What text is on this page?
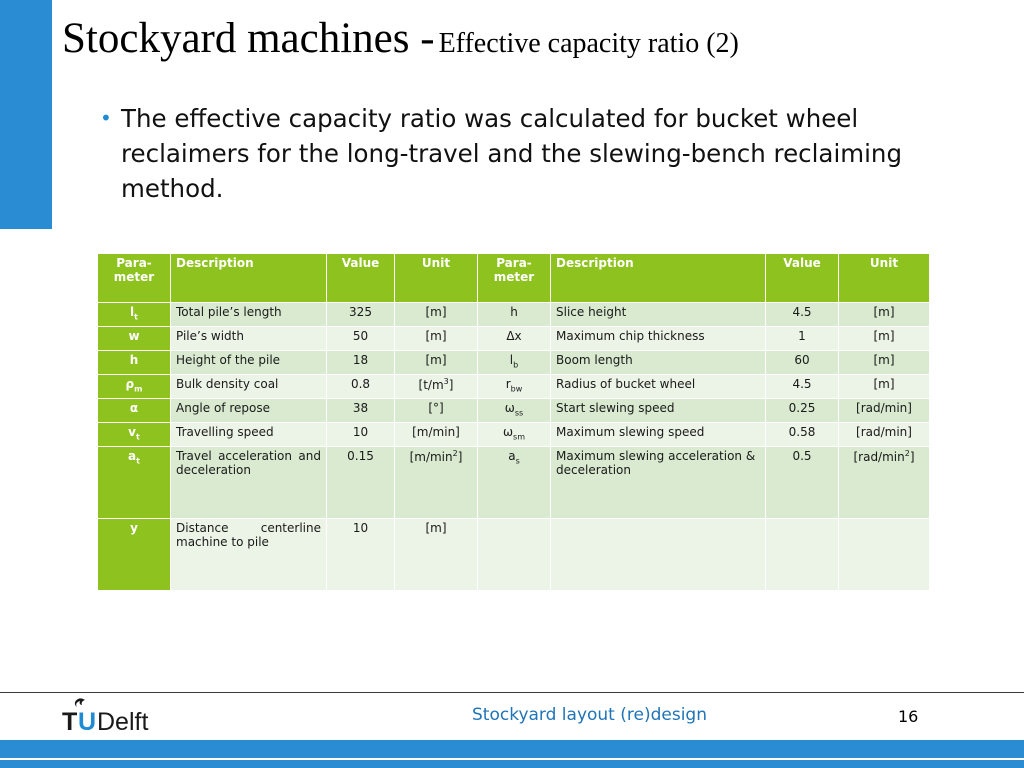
Stockyard machines - Effective capacity ratio (2)
• The effective capacity ratio was calculated for bucket wheel reclaimers for the long-travel and the slewing-bench reclaiming method.
Para-meter	Description	Value	Unit	Para-meter	Description	Value	Unit
$l_t$	Total pile’s length	325	[m]	h	Slice height	4.5	[m]
w	Pile’s width	50	[m]	Δx	Maximum chip thickness	1	[m]
h	Height of the pile	18	[m]	$l_b$	Boom length	60	[m]
$\rho_m$	Bulk density coal	0.8	$[t/m^3]$	$r_{bw}$	Radius of bucket wheel	4.5	[m]
α	Angle of repose	38	[°]	$\omega_{ss}$	Start slewing speed	0.25	[rad/min]
$v_t$	Travelling speed	10	[m/min]	$\omega_{sm}$	Maximum slewing speed	0.58	[rad/min]
$a_t$	Travel acceleration and deceleration	0.15	$[m/\min^2]$	$a_s$	Maximum slewing acceleration & deceleration	0.5	$[rad/\min^2]$
y	Distance centerline machine to pile	10	[m]				
T U Delft	Stockyard layout (re)design	16
